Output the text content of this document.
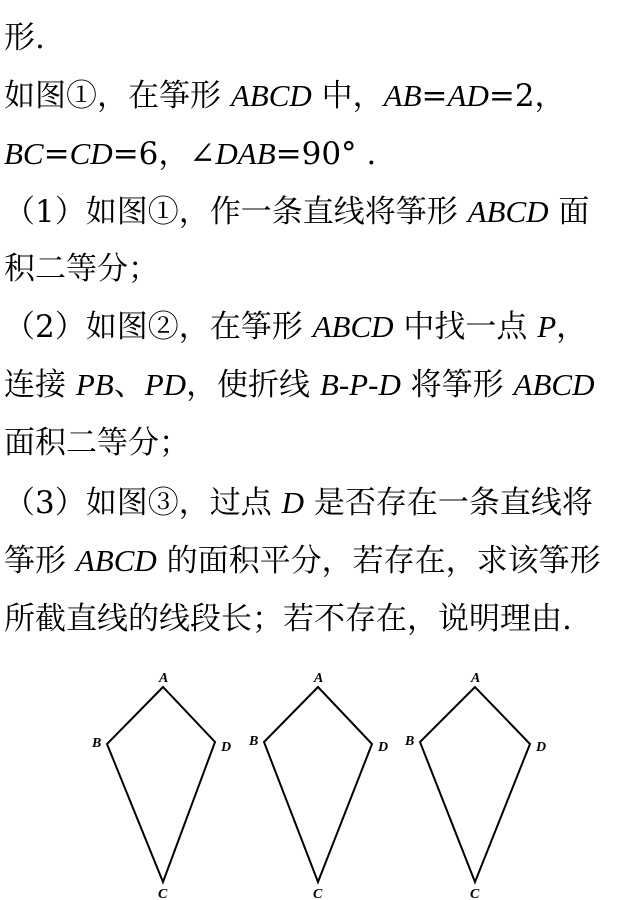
形.
如图①，在筝形 ABCD 中，AB=AD=2，
BC=CD=6，∠DAB=90° .
（1）如图①，作一条直线将筝形 ABCD 面
积二等分；
（2）如图②，在筝形 ABCD 中找一点 P，
连接 PB、PD，使折线 B-P-D 将筝形 ABCD
面积二等分；
（3）如图③，过点 D 是否存在一条直线将
筝形 ABCD 的面积平分，若存在，求该筝形
所截直线的线段长；若不存在，说明理由.
A
B
C
D
A
B
C
D
A
B
C
D
